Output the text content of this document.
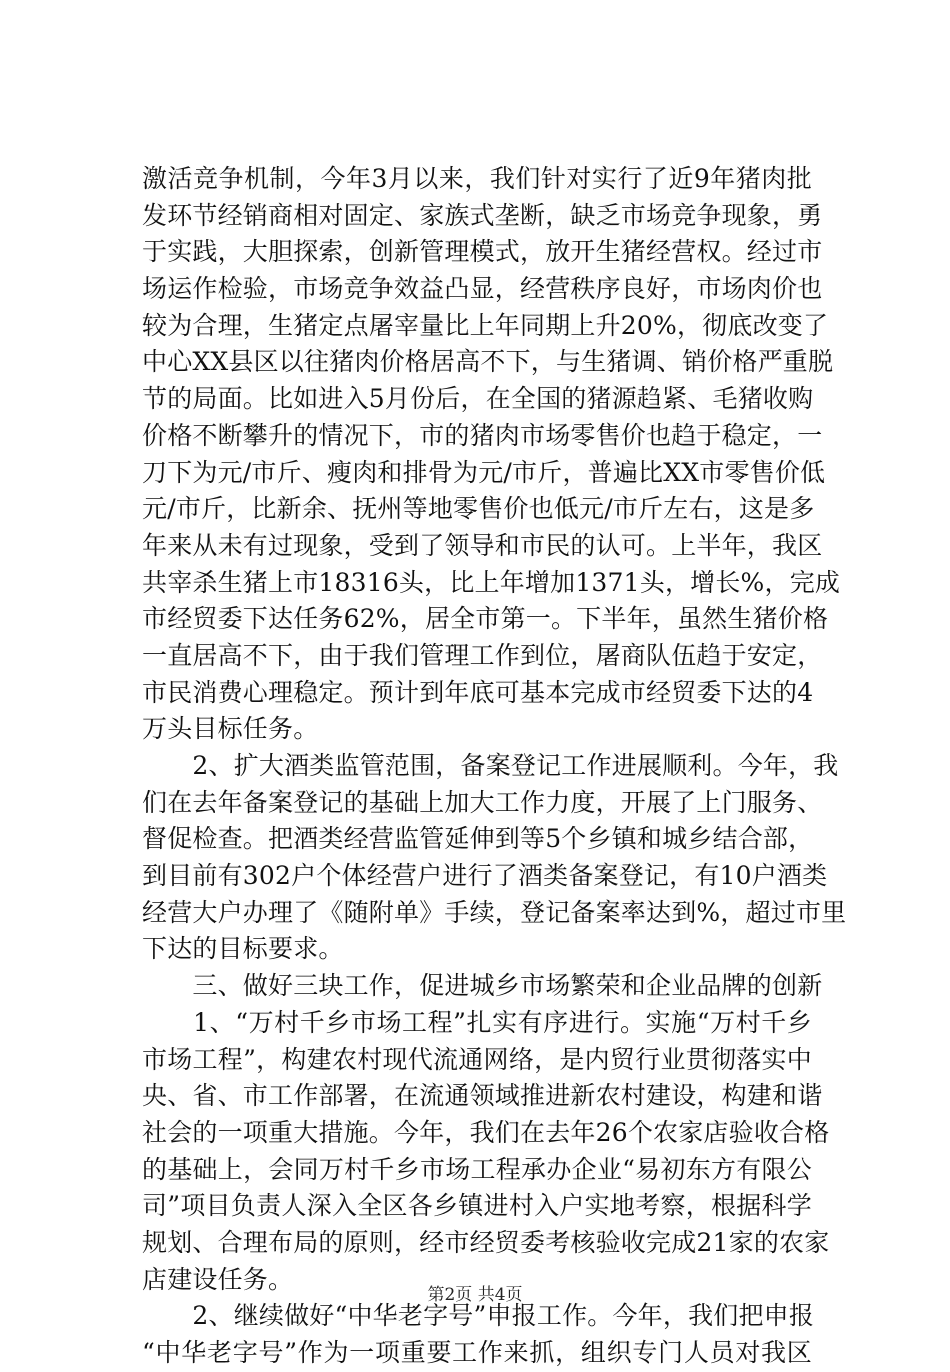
激活竞争机制，今年3月以来，我们针对实行了近9年猪肉批
发环节经销商相对固定、家族式垄断，缺乏市场竞争现象，勇
于实践，大胆探索，创新管理模式，放开生猪经营权。经过市
场运作检验，市场竞争效益凸显，经营秩序良好，市场肉价也
较为合理，生猪定点屠宰量比上年同期上升20%，彻底改变了
中心XX县区以往猪肉价格居高不下，与生猪调、销价格严重脱
节的局面。比如进入5月份后，在全国的猪源趋紧、毛猪收购
价格不断攀升的情况下，市的猪肉市场零售价也趋于稳定，一
刀下为元/市斤、瘦肉和排骨为元/市斤，普遍比XX市零售价低
元/市斤，比新余、抚州等地零售价也低元/市斤左右，这是多
年来从未有过现象，受到了领导和市民的认可。上半年，我区
共宰杀生猪上市18316头，比上年增加1371头，增长%，完成
市经贸委下达任务62%，居全市第一。下半年，虽然生猪价格
一直居高不下，由于我们管理工作到位，屠商队伍趋于安定，
市民消费心理稳定。预计到年底可基本完成市经贸委下达的4
万头目标任务。
　　2、扩大酒类监管范围，备案登记工作进展顺利。今年，我
们在去年备案登记的基础上加大工作力度，开展了上门服务、
督促检查。把酒类经营监管延伸到等5个乡镇和城乡结合部，
到目前有302户个体经营户进行了酒类备案登记，有10户酒类
经营大户办理了《随附单》手续，登记备案率达到%，超过市里
下达的目标要求。
　　三、做好三块工作，促进城乡市场繁荣和企业品牌的创新
　　1、“万村千乡市场工程”扎实有序进行。实施“万村千乡
市场工程”，构建农村现代流通网络，是内贸行业贯彻落实中
央、省、市工作部署，在流通领域推进新农村建设，构建和谐
社会的一项重大措施。今年，我们在去年26个农家店验收合格
的基础上，会同万村千乡市场工程承办企业“易初东方有限公
司”项目负责人深入全区各乡镇进村入户实地考察，根据科学
规划、合理布局的原则，经市经贸委考核验收完成21家的农家
店建设任务。
　　2、继续做好“中华老字号”申报工作。今年，我们把申报
“中华老字号”作为一项重要工作来抓，组织专门人员对我区
第2页 共4页
